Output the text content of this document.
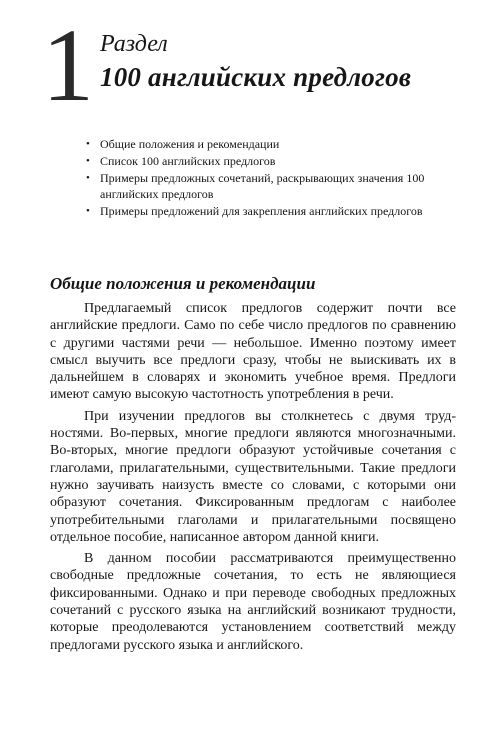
1 Раздел
100 английских предлогов
• Общие положения и рекомендации
• Список 100 английских предлогов
• Примеры предложных сочетаний, раскрывающих значения 100 английских предлогов
• Примеры предложений для закрепления английских предлогов
Общие положения и рекомендации

Предлагаемый список предлогов содержит почти все английские предлоги. Само по себе число предлогов по сравнению с другими частями речи — небольшое. Именно поэтому имеет смысл выучить все предлоги сразу, чтобы не выискивать их в дальнейшем в словарях и экономить учебное время. Предлоги имеют самую высокую частотность употребления в речи.

При изучении предлогов вы столкнетесь с двумя трудностями. Во-первых, многие предлоги являются многозначными. Во-вторых, многие предлоги образуют устойчивые сочетания с глаголами, прилагательными, существительными. Такие предлоги нужно заучивать наизусть вместе со словами, с которыми они образуют сочетания. Фиксированным предлогам с наиболее употребительными глаголами и прилагательными посвящено отдельное пособие, написанное автором данной книги.

В данном пособии рассматриваются преимущественно свободные предложные сочетания, то есть не являющиеся фиксированными. Однако и при переводе свободных предложных сочетаний с русского языка на английский возникают трудности, которые преодолеваются установлением соответствий между предлогами русского языка и английского.
